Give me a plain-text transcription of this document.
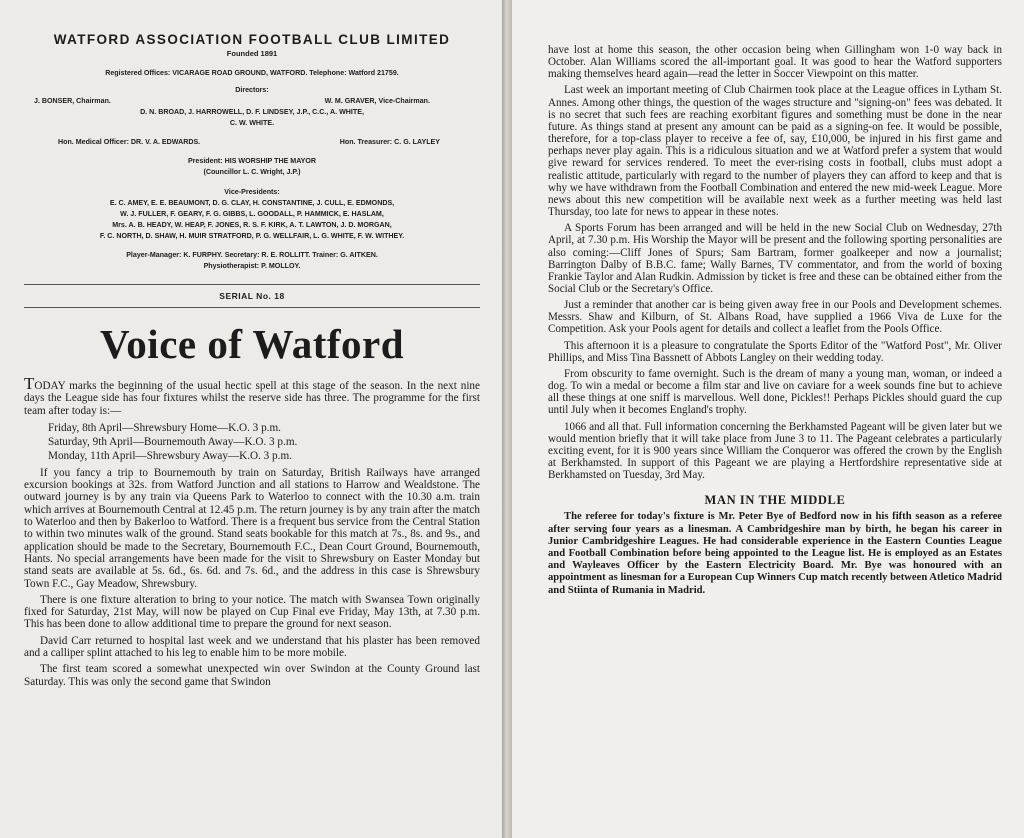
WATFORD ASSOCIATION FOOTBALL CLUB LIMITED

Founded 1891

Registered Offices: VICARAGE ROAD GROUND, WATFORD. Telephone: Watford 21759.

Directors:

J. BONSER, Chairman.	W. M. GRAVER, Vice-Chairman.

D. N. BROAD, J. HARROWELL, D. F. LINDSEY, J.P., C.C., A. WHITE,

C. W. WHITE.

Hon. Medical Officer: DR. V. A. EDWARDS.	Hon. Treasurer: C. G. LAYLEY

President: HIS WORSHIP THE MAYOR

(Councillor L. C. Wright, J.P.)

Vice-Presidents:

E. C. AMEY, E. E. BEAUMONT, D. G. CLAY, H. CONSTANTINE, J. CULL, E. EDMONDS,

W. J. FULLER, F. GEARY, F. G. GIBBS, L. GOODALL, P. HAMMICK, E. HASLAM,

Mrs. A. B. HEADY, W. HEAP, F. JONES, R. S. F. KIRK, A. T. LAWTON, J. D. MORGAN,

F. C. NORTH, D. SHAW, H. MUIR STRATFORD, P. G. WELLFAIR, L. G. WHITE, F. W. WITHEY.

Player-Manager: K. FURPHY. Secretary: R. E. ROLLITT. Trainer: G. AITKEN.

Physiotherapist: P. MOLLOY.

SERIAL No. 18

Voice of Watford

TODAY marks the beginning of the usual hectic spell at this stage of the season. In the next nine days the League side has four fixtures whilst the reserve side has three. The programme for the first team after today is:—

Friday, 8th April—Shrewsbury Home—K.O. 3 p.m.
Saturday, 9th April—Bournemouth Away—K.O. 3 p.m.
Monday, 11th April—Shrewsbury Away—K.O. 3 p.m.

If you fancy a trip to Bournemouth by train on Saturday, British Railways have arranged excursion bookings at 32s. from Watford Junction and all stations to Harrow and Wealdstone. The outward journey is by any train via Queens Park to Waterloo to connect with the 10.30 a.m. train which arrives at Bournemouth Central at 12.45 p.m. The return journey is by any train after the match to Waterloo and then by Bakerloo to Watford. There is a frequent bus service from the Central Station to within two minutes walk of the ground. Stand seats bookable for this match at 7s., 8s. and 9s., and application should be made to the Secretary, Bournemouth F.C., Dean Court Ground, Bournemouth, Hants. No special arrangements have been made for the visit to Shrewsbury on Easter Monday but stand seats are available at 5s. 6d., 6s. 6d. and 7s. 6d., and the address in this case is Shrewsbury Town F.C., Gay Meadow, Shrewsbury.

There is one fixture alteration to bring to your notice. The match with Swansea Town originally fixed for Saturday, 21st May, will now be played on Cup Final eve Friday, May 13th, at 7.30 p.m. This has been done to allow additional time to prepare the ground for next season.

David Carr returned to hospital last week and we understand that his plaster has been removed and a calliper splint attached to his leg to enable him to be more mobile.

The first team scored a somewhat unexpected win over Swindon at the County Ground last Saturday. This was only the second game that Swindon

have lost at home this season, the other occasion being when Gillingham won 1-0 way back in October. Alan Williams scored the all-important goal. It was good to hear the Watford supporters making themselves heard again—read the letter in Soccer Viewpoint on this matter.

Last week an important meeting of Club Chairmen took place at the League offices in Lytham St. Annes. Among other things, the question of the wages structure and "signing-on" fees was debated. It is no secret that such fees are reaching exorbitant figures and something must be done in the near future. As things stand at present any amount can be paid as a signing-on fee. It would be possible, therefore, for a top-class player to receive a fee of, say, £10,000, be injured in his first game and perhaps never play again. This is a ridiculous situation and we at Watford prefer a system that would give reward for services rendered. To meet the ever-rising costs in football, clubs must adopt a realistic attitude, particularly with regard to the number of players they can afford to keep and that is why we have withdrawn from the Football Combination and entered the new mid-week League. More news about this new competition will be available next week as a further meeting was held last Thursday, too late for news to appear in these notes.

A Sports Forum has been arranged and will be held in the new Social Club on Wednesday, 27th April, at 7.30 p.m. His Worship the Mayor will be present and the following sporting personalities are also coming:—Cliff Jones of Spurs; Sam Bartram, former goalkeeper and now a journalist; Barrington Dalby of B.B.C. fame; Wally Barnes, TV commentator, and from the world of boxing Frankie Taylor and Alan Rudkin. Admission by ticket is free and these can be obtained either from the Social Club or the Secretary's Office.

Just a reminder that another car is being given away free in our Pools and Development schemes. Messrs. Shaw and Kilburn, of St. Albans Road, have supplied a 1966 Viva de Luxe for the Competition. Ask your Pools agent for details and collect a leaflet from the Pools Office.

This afternoon it is a pleasure to congratulate the Sports Editor of the "Watford Post", Mr. Oliver Phillips, and Miss Tina Bassnett of Abbots Langley on their wedding today.

From obscurity to fame overnight. Such is the dream of many a young man, woman, or indeed a dog. To win a medal or become a film star and live on caviare for a week sounds fine but to achieve all these things at one sniff is marvellous. Well done, Pickles!! Perhaps Pickles should guard the cup until July when it becomes England's trophy.

1066 and all that. Full information concerning the Berkhamsted Pageant will be given later but we would mention briefly that it will take place from June 3 to 11. The Pageant celebrates a particularly exciting event, for it is 900 years since William the Conqueror was offered the crown by the English at Berkhamsted. In support of this Pageant we are playing a Hertfordshire representative side at Berkhamsted on Tuesday, 3rd May.

MAN IN THE MIDDLE

The referee for today's fixture is Mr. Peter Bye of Bedford now in his fifth season as a referee after serving four years as a linesman. A Cambridgeshire man by birth, he began his career in Junior Cambridgeshire Leagues. He had considerable experience in the Eastern Counties League and Football Combination before being appointed to the League list. He is employed as an Estates and Wayleaves Officer by the Eastern Electricity Board. Mr. Bye was honoured with an appointment as linesman for a European Cup Winners Cup match recently between Atletico Madrid and Stiinta of Rumania in Madrid.
